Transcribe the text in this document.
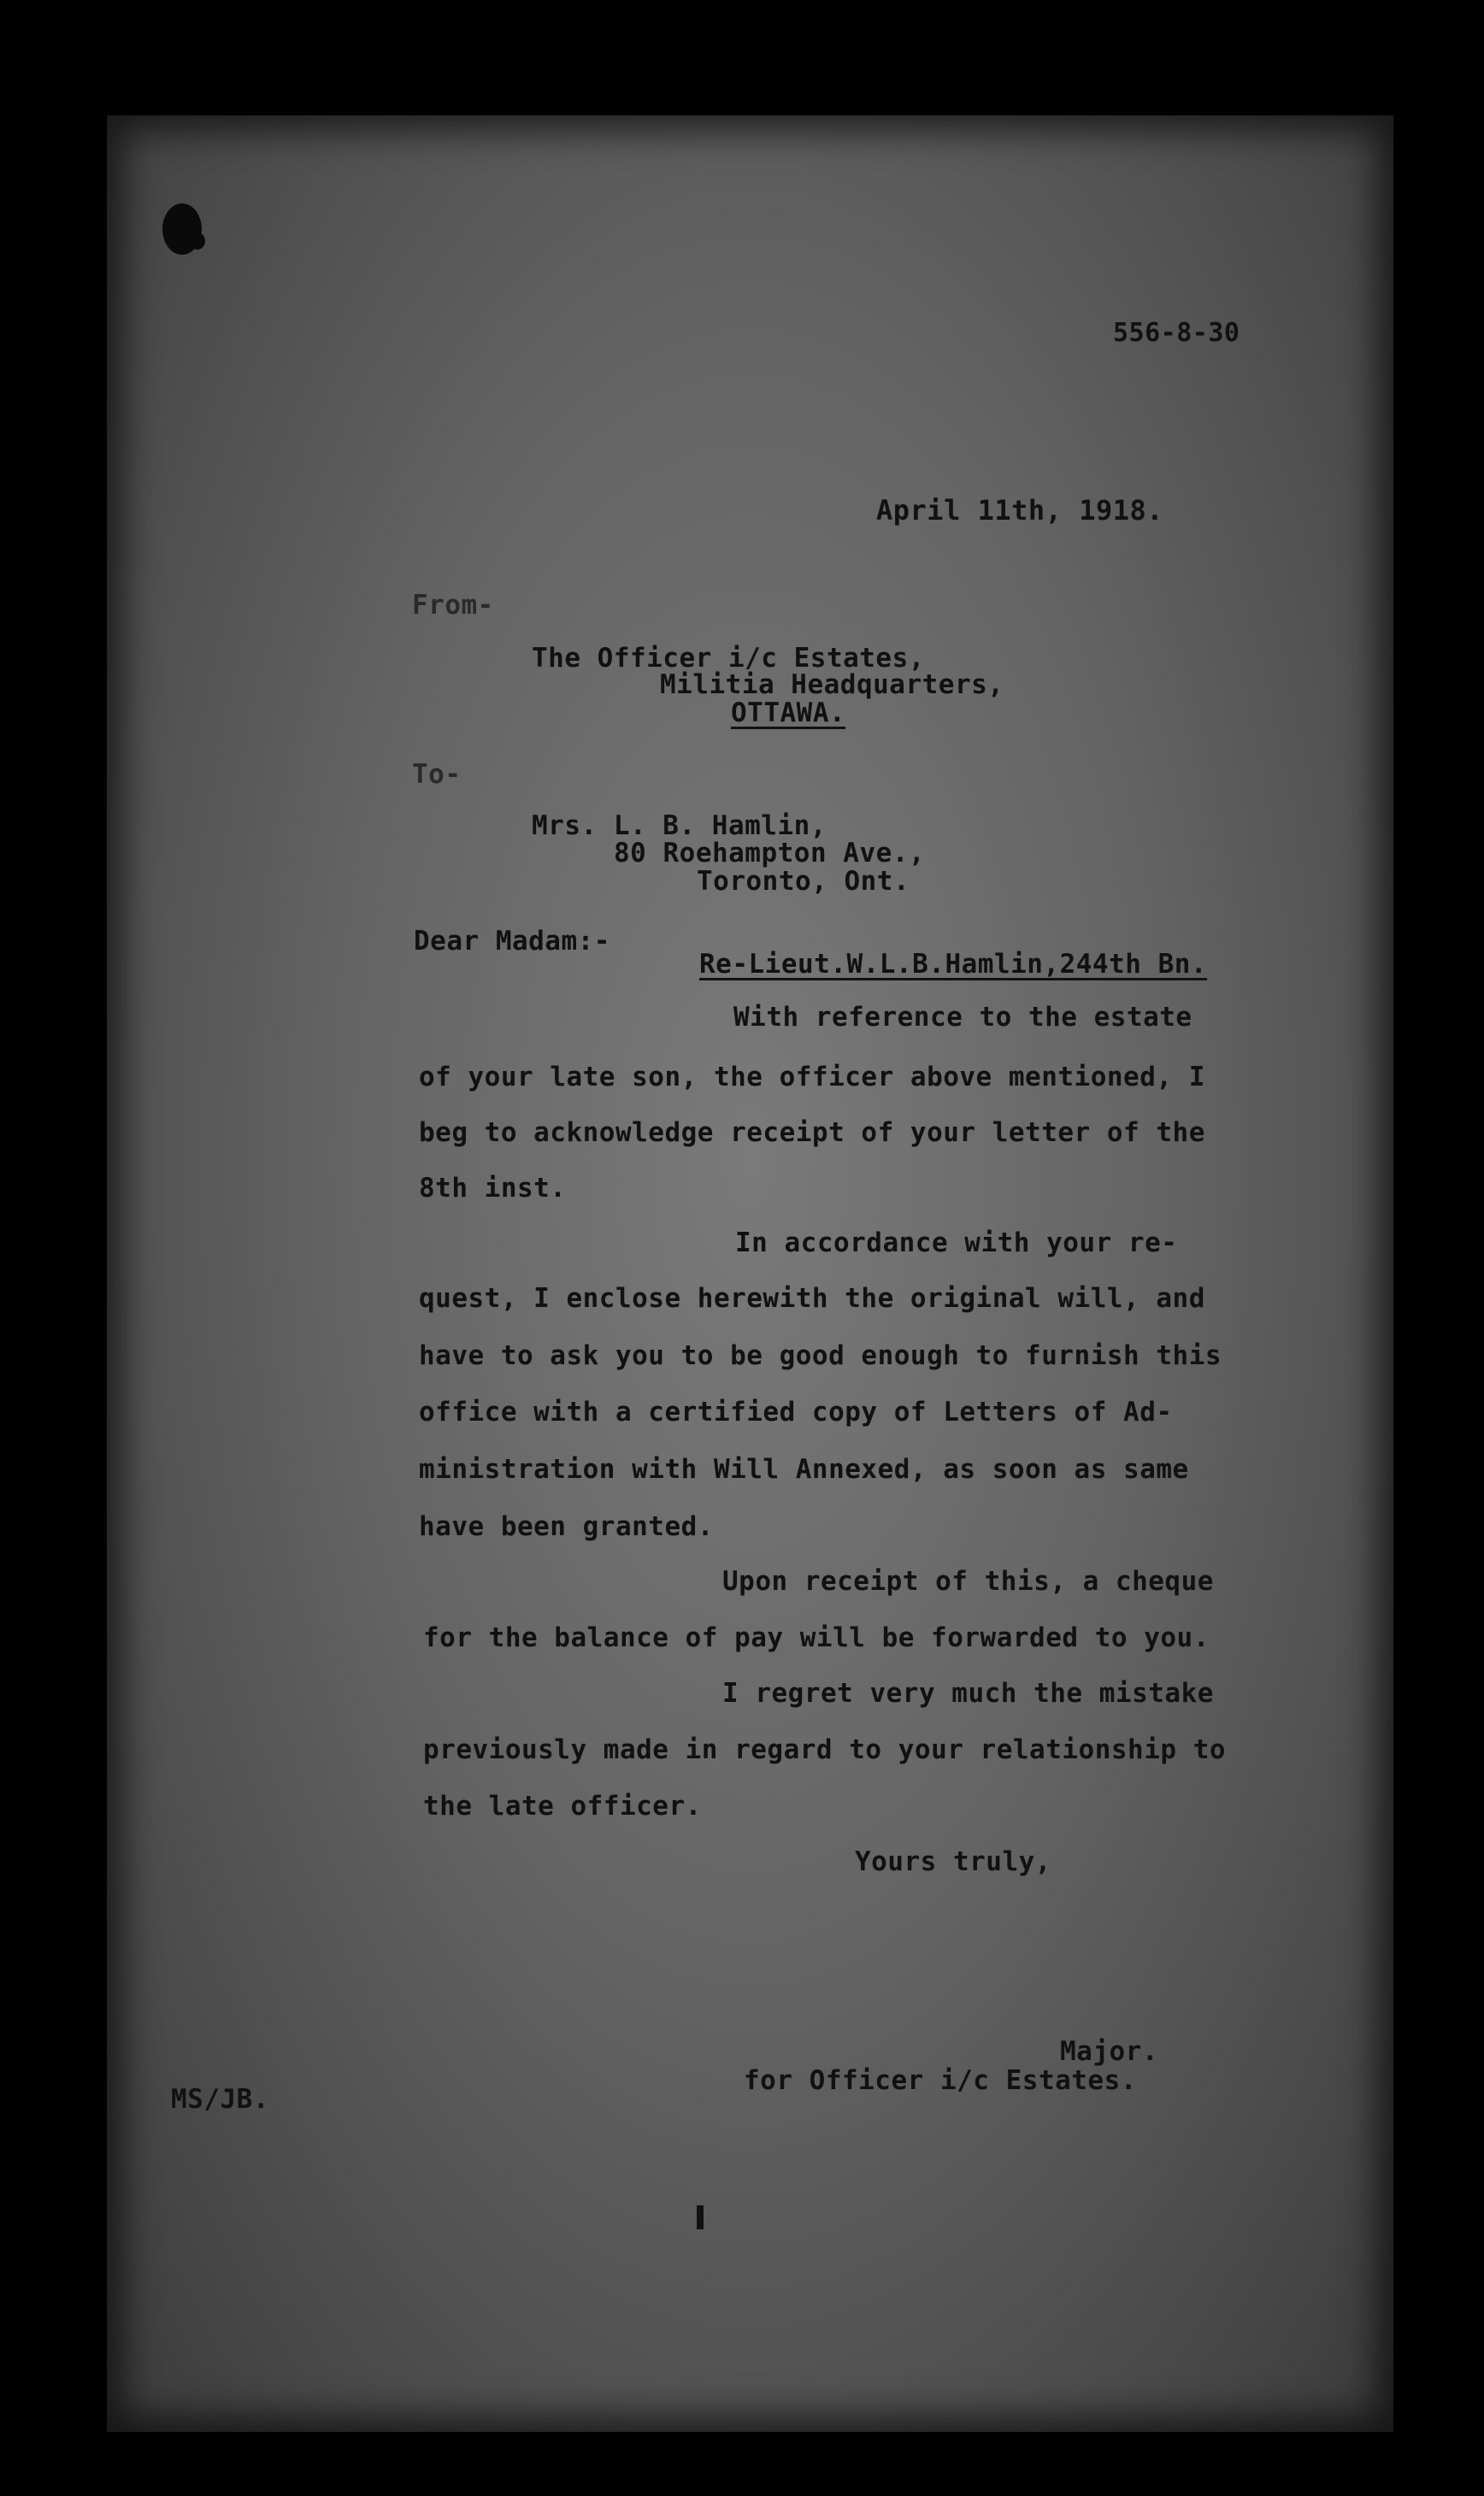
556-8-30
April 11th, 1918.
From-
The Officer i/c Estates,
Militia Headquarters,
OTTAWA.
To-
Mrs. L. B. Hamlin,
80 Roehampton Ave.,
Toronto, Ont.
Dear Madam:-
Re-Lieut.W.L.B.Hamlin,244th Bn.
With reference to the estate
of your late son, the officer above mentioned, I
beg to acknowledge receipt of your letter of the
8th inst.
In accordance with your re-
quest, I enclose herewith the original will, and
have to ask you to be good enough to furnish this
office with a certified copy of Letters of Ad-
ministration with Will Annexed, as soon as same
have been granted.
Upon receipt of this, a cheque
for the balance of pay will be forwarded to you.
I regret very much the mistake
previously made in regard to your relationship to
the late officer.
Yours truly,
Major.
for Officer i/c Estates.
MS/JB.
